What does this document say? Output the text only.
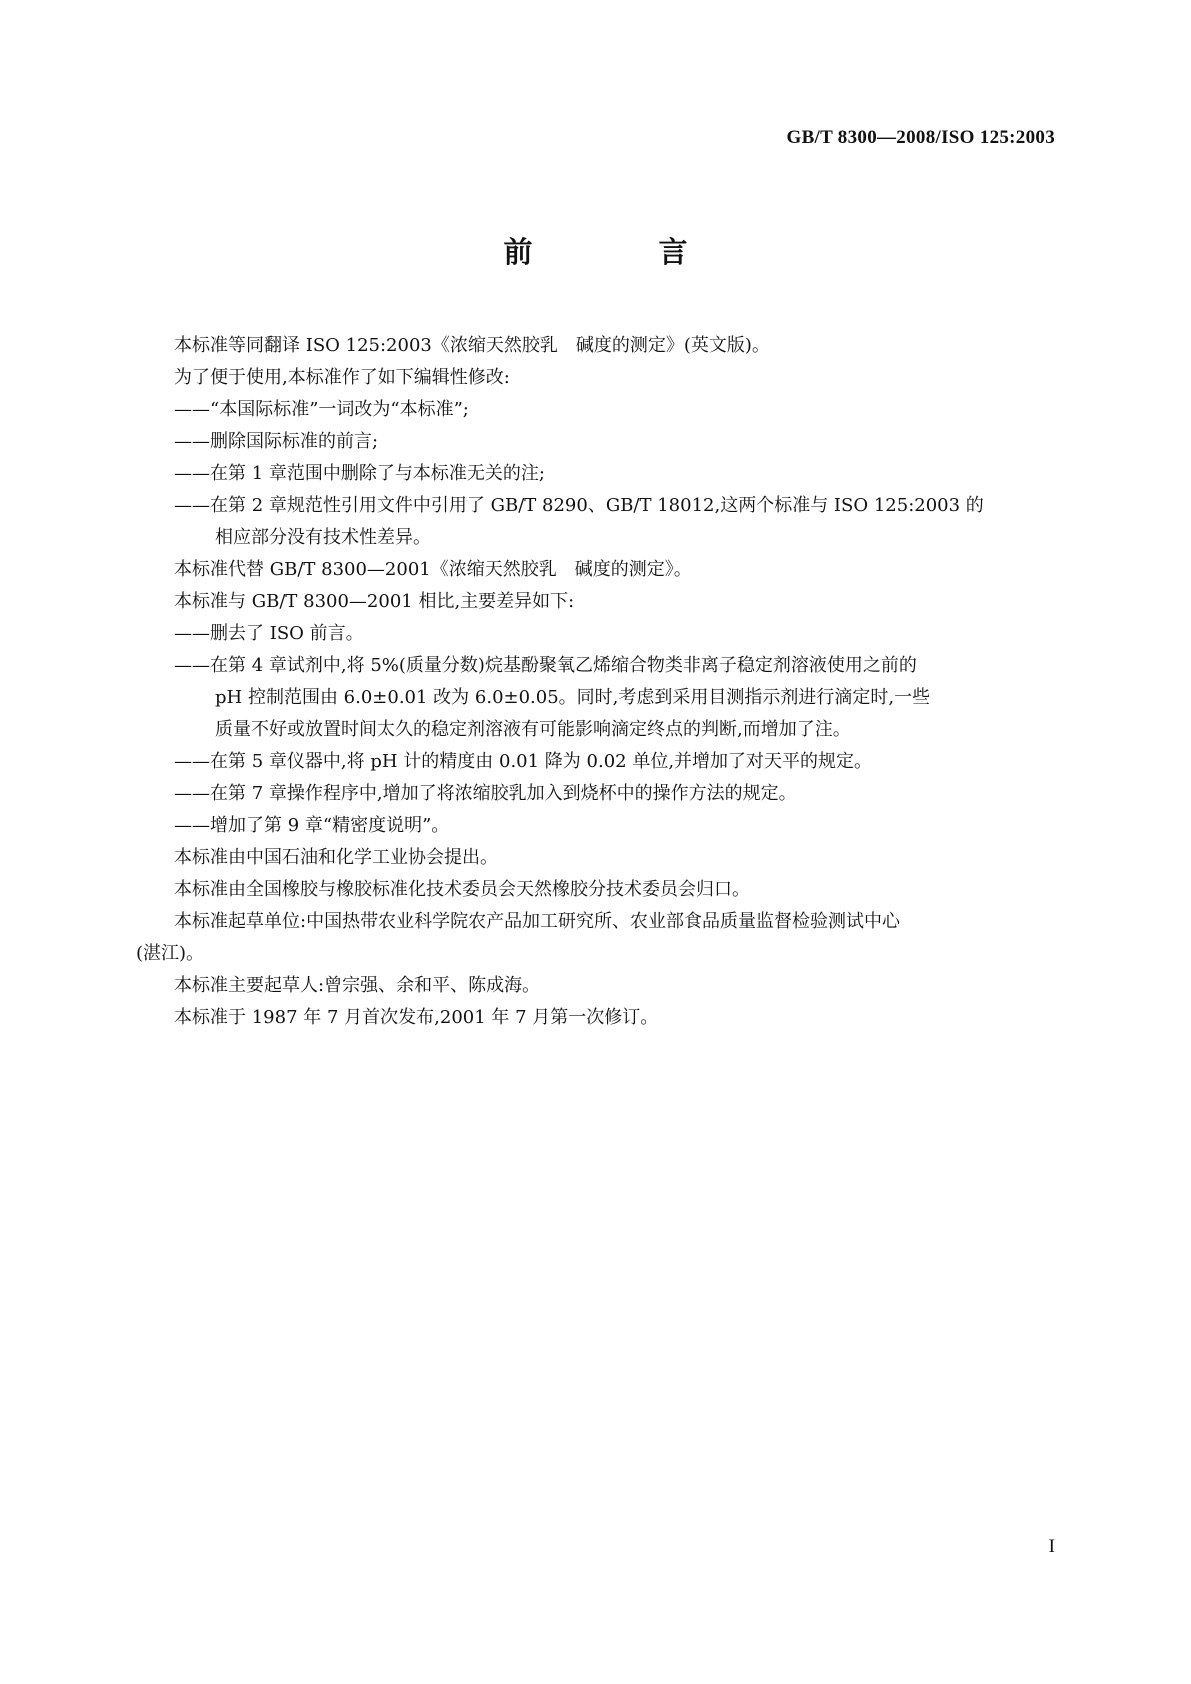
GB/T 8300—2008/ISO 125:2003
前 言
本标准等同翻译 ISO 125:2003《浓缩天然胶乳　碱度的测定》(英文版)。
为了便于使用,本标准作了如下编辑性修改:
——“本国际标准”一词改为“本标准”;
——删除国际标准的前言;
——在第 1 章范围中删除了与本标准无关的注;
——在第 2 章规范性引用文件中引用了 GB/T 8290、GB/T 18012,这两个标准与 ISO 125:2003 的
相应部分没有技术性差异。
本标准代替 GB/T 8300—2001《浓缩天然胶乳　碱度的测定》。
本标准与 GB/T 8300—2001 相比,主要差异如下:
——删去了 ISO 前言。
——在第 4 章试剂中,将 5%(质量分数)烷基酚聚氧乙烯缩合物类非离子稳定剂溶液使用之前的
pH 控制范围由 6.0±0.01 改为 6.0±0.05。同时,考虑到采用目测指示剂进行滴定时,一些
质量不好或放置时间太久的稳定剂溶液有可能影响滴定终点的判断,而增加了注。
——在第 5 章仪器中,将 pH 计的精度由 0.01 降为 0.02 单位,并增加了对天平的规定。
——在第 7 章操作程序中,增加了将浓缩胶乳加入到烧杯中的操作方法的规定。
——增加了第 9 章“精密度说明”。
本标准由中国石油和化学工业协会提出。
本标准由全国橡胶与橡胶标准化技术委员会天然橡胶分技术委员会归口。
本标准起草单位:中国热带农业科学院农产品加工研究所、农业部食品质量监督检验测试中心
(湛江)。
本标准主要起草人:曾宗强、余和平、陈成海。
本标准于 1987 年 7 月首次发布,2001 年 7 月第一次修订。
I
